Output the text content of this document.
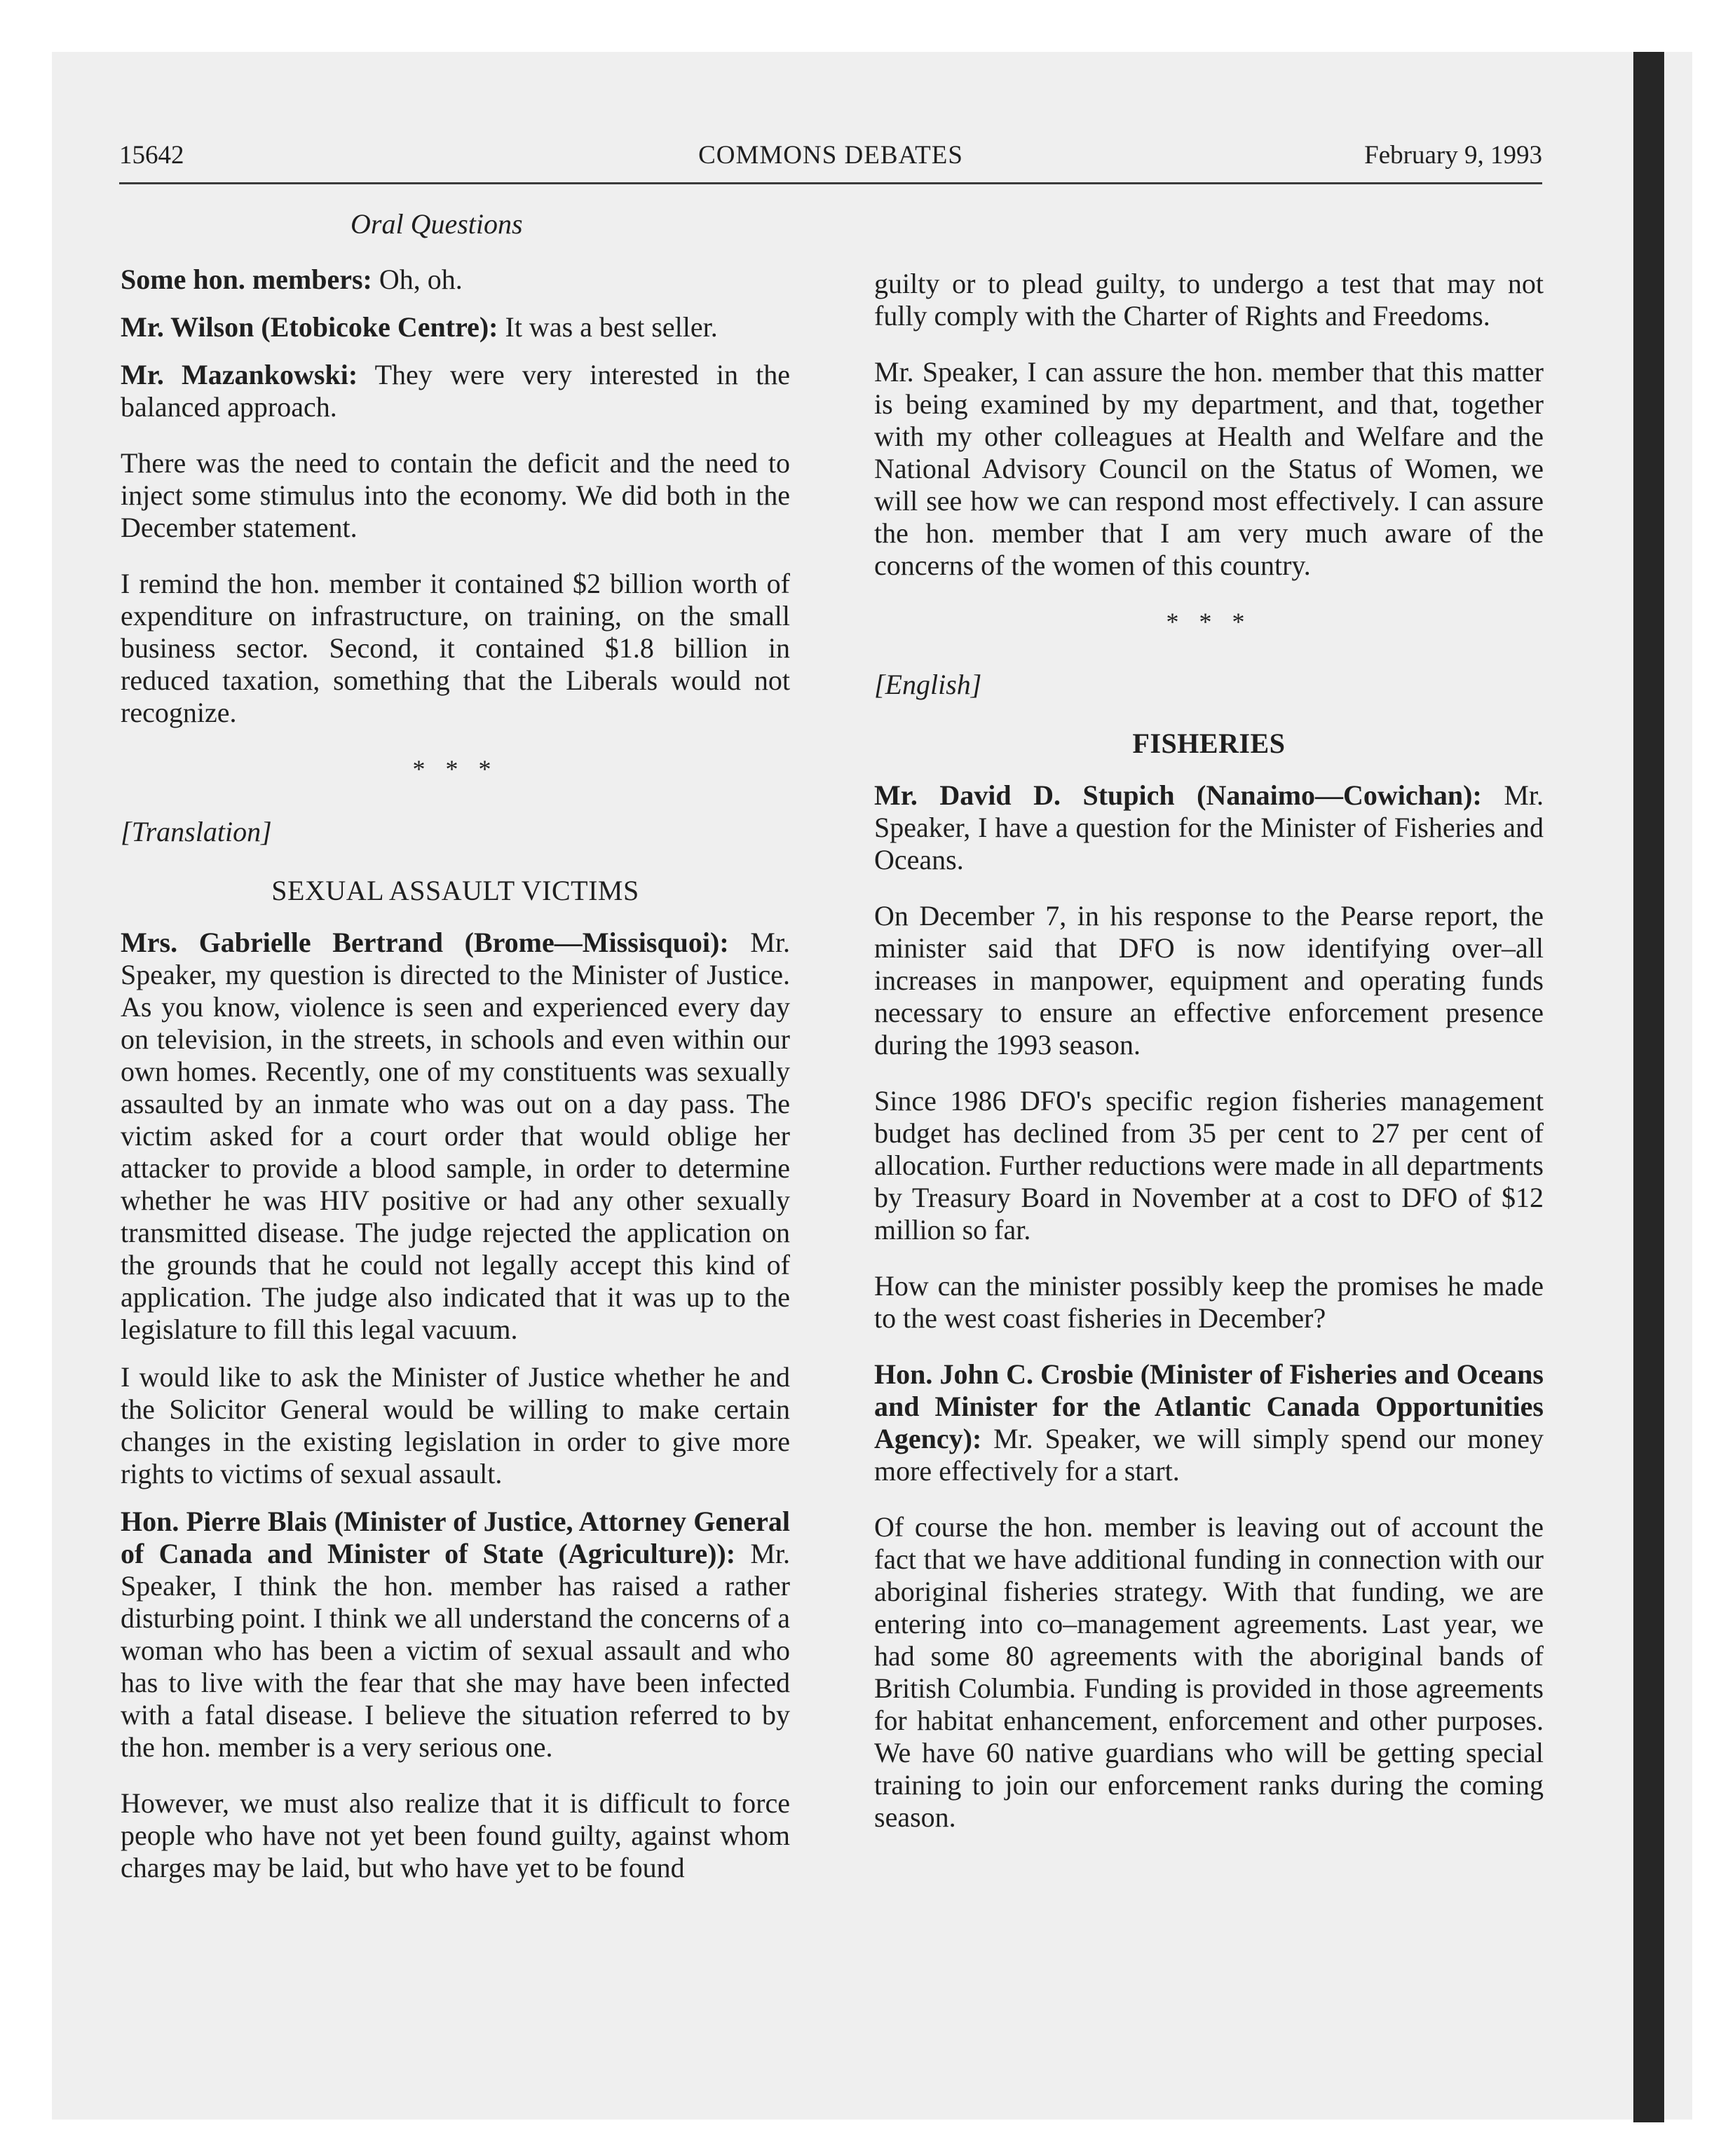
15642	COMMONS DEBATES	February 9, 1993
Oral Questions

Some hon. members: Oh, oh.

Mr. Wilson (Etobicoke Centre): It was a best seller.

Mr. Mazankowski: They were very interested in the balanced approach.

There was the need to contain the deficit and the need to inject some stimulus into the economy. We did both in the December statement.

I remind the hon. member it contained $2 billion worth of expenditure on infrastructure, on training, on the small business sector. Second, it contained $1.8 billion in reduced taxation, something that the Liberals would not recognize.

* * *
[Translation]
SEXUAL ASSAULT VICTIMS

Mrs. Gabrielle Bertrand (Brome—Missisquoi): Mr. Speaker, my question is directed to the Minister of Justice. As you know, violence is seen and experienced every day on television, in the streets, in schools and even within our own homes. Recently, one of my constituents was sexually assaulted by an inmate who was out on a day pass. The victim asked for a court order that would oblige her attacker to provide a blood sample, in order to determine whether he was HIV positive or had any other sexually transmitted disease. The judge rejected the application on the grounds that he could not legally accept this kind of application. The judge also indicated that it was up to the legislature to fill this legal vacuum.

I would like to ask the Minister of Justice whether he and the Solicitor General would be willing to make certain changes in the existing legislation in order to give more rights to victims of sexual assault.

Hon. Pierre Blais (Minister of Justice, Attorney General of Canada and Minister of State (Agriculture)): Mr. Speaker, I think the hon. member has raised a rather disturbing point. I think we all understand the concerns of a woman who has been a victim of sexual assault and who has to live with the fear that she may have been infected with a fatal disease. I believe the situation referred to by the hon. member is a very serious one.

However, we must also realize that it is difficult to force people who have not yet been found guilty, against whom charges may be laid, but who have yet to be found

guilty or to plead guilty, to undergo a test that may not fully comply with the Charter of Rights and Freedoms.

Mr. Speaker, I can assure the hon. member that this matter is being examined by my department, and that, together with my other colleagues at Health and Welfare and the National Advisory Council on the Status of Women, we will see how we can respond most effectively. I can assure the hon. member that I am very much aware of the concerns of the women of this country.

* * *
[English]
FISHERIES

Mr. David D. Stupich (Nanaimo—Cowichan): Mr. Speaker, I have a question for the Minister of Fisheries and Oceans.

On December 7, in his response to the Pearse report, the minister said that DFO is now identifying over–all increases in manpower, equipment and operating funds necessary to ensure an effective enforcement presence during the 1993 season.

Since 1986 DFO's specific region fisheries management budget has declined from 35 per cent to 27 per cent of allocation. Further reductions were made in all departments by Treasury Board in November at a cost to DFO of $12 million so far.

How can the minister possibly keep the promises he made to the west coast fisheries in December?

Hon. John C. Crosbie (Minister of Fisheries and Oceans and Minister for the Atlantic Canada Opportunities Agency): Mr. Speaker, we will simply spend our money more effectively for a start.

Of course the hon. member is leaving out of account the fact that we have additional funding in connection with our aboriginal fisheries strategy. With that funding, we are entering into co–management agreements. Last year, we had some 80 agreements with the aboriginal bands of British Columbia. Funding is provided in those agreements for habitat enhancement, enforcement and other purposes. We have 60 native guardians who will be getting special training to join our enforcement ranks during the coming season.
